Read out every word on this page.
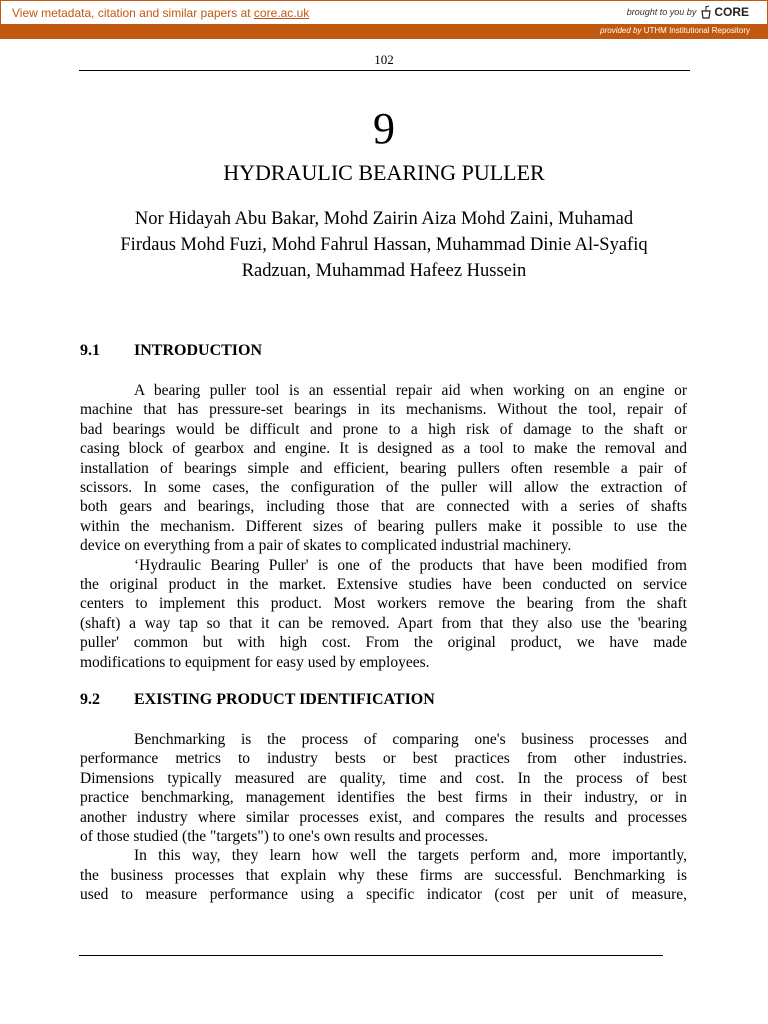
View metadata, citation and similar papers at core.ac.uk	brought to you by CORE
provided by UTHM Institutional Repository
102
9
HYDRAULIC BEARING PULLER
Nor Hidayah Abu Bakar, Mohd Zairin Aiza Mohd Zaini, Muhamad
Firdaus Mohd Fuzi, Mohd Fahrul Hassan, Muhammad Dinie Al-Syafiq
Radzuan, Muhammad Hafeez Hussein
9.1 INTRODUCTION
A bearing puller tool is an essential repair aid when working on an engine or
machine that has pressure-set bearings in its mechanisms. Without the tool, repair of
bad bearings would be difficult and prone to a high risk of damage to the shaft or
casing block of gearbox and engine. It is designed as a tool to make the removal and
installation of bearings simple and efficient, bearing pullers often resemble a pair of
scissors. In some cases, the configuration of the puller will allow the extraction of
both gears and bearings, including those that are connected with a series of shafts
within the mechanism. Different sizes of bearing pullers make it possible to use the
device on everything from a pair of skates to complicated industrial machinery.
‘Hydraulic Bearing Puller' is one of the products that have been modified from
the original product in the market. Extensive studies have been conducted on service
centers to implement this product. Most workers remove the bearing from the shaft
(shaft) a way tap so that it can be removed. Apart from that they also use the 'bearing
puller' common but with high cost. From the original product, we have made
modifications to equipment for easy used by employees.
9.2 EXISTING PRODUCT IDENTIFICATION
Benchmarking is the process of comparing one's business processes and
performance metrics to industry bests or best practices from other industries.
Dimensions typically measured are quality, time and cost. In the process of best
practice benchmarking, management identifies the best firms in their industry, or in
another industry where similar processes exist, and compares the results and processes
of those studied (the "targets") to one's own results and processes.
In this way, they learn how well the targets perform and, more importantly,
the business processes that explain why these firms are successful. Benchmarking is
used to measure performance using a specific indicator (cost per unit of measure,
